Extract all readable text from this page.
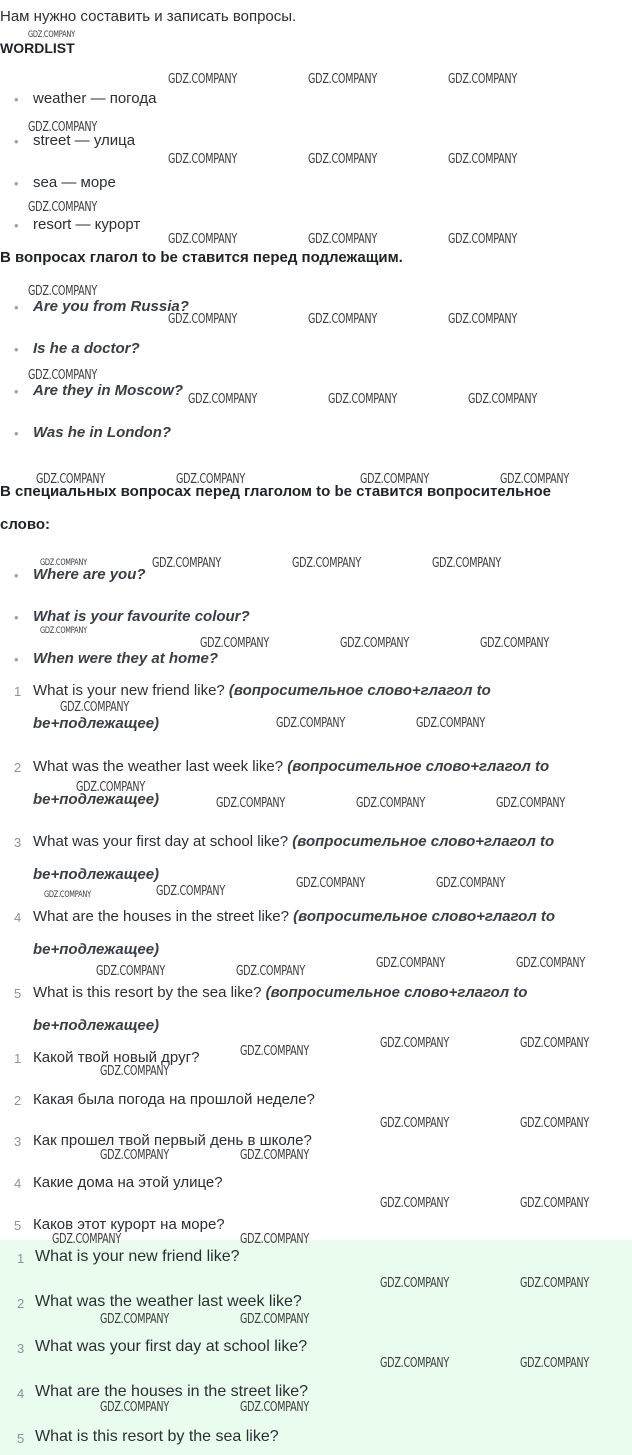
Нам нужно составить и записать вопросы.
WORDLIST
• weather — погода
• street — улица
• sea — море
• resort — курорт
В вопросах глагол to be ставится перед подлежащим.
• Are you from Russia?
• Is he a doctor?
• Are they in Moscow?
• Was he in London?
В специальных вопросах перед глаголом to be ставится вопросительное
слово:
• Where are you?
• What is your favourite colour?
• When were they at home?
1 What is your new friend like? (вопросительное слово+глагол to
be+подлежащее)
2 What was the weather last week like? (вопросительное слово+глагол to
be+подлежащее)
3 What was your first day at school like? (вопросительное слово+глагол to
be+подлежащее)
4 What are the houses in the street like? (вопросительное слово+глагол to
be+подлежащее)
5 What is this resort by the sea like? (вопросительное слово+глагол to
be+подлежащее)
1 Какой твой новый друг?
2 Какая была погода на прошлой неделе?
3 Как прошел твой первый день в школе?
4 Какие дома на этой улице?
5 Каков этот курорт на море?
1 What is your new friend like?
2 What was the weather last week like?
3 What was your first day at school like?
4 What are the houses in the street like?
5 What is this resort by the sea like?
GDZ.COMPANY
GDZ.COMPANY	GDZ.COMPANY	GDZ.COMPANY
GDZ.COMPANY
GDZ.COMPANY	GDZ.COMPANY	GDZ.COMPANY
GDZ.COMPANY
GDZ.COMPANY	GDZ.COMPANY	GDZ.COMPANY
GDZ.COMPANY
GDZ.COMPANY	GDZ.COMPANY	GDZ.COMPANY
GDZ.COMPANY
GDZ.COMPANY	GDZ.COMPANY	GDZ.COMPANY
GDZ.COMPANY	GDZ.COMPANY	GDZ.COMPANY	GDZ.COMPANY
GDZ.COMPANY	GDZ.COMPANY	GDZ.COMPANY	GDZ.COMPANY
GDZ.COMPANY
GDZ.COMPANY	GDZ.COMPANY	GDZ.COMPANY
GDZ.COMPANY
GDZ.COMPANY	GDZ.COMPANY
GDZ.COMPANY
GDZ.COMPANY	GDZ.COMPANY	GDZ.COMPANY
GDZ.COMPANY	GDZ.COMPANY
GDZ.COMPANY	GDZ.COMPANY
GDZ.COMPANY	GDZ.COMPANY
GDZ.COMPANY	GDZ.COMPANY
GDZ.COMPANY
GDZ.COMPANY	GDZ.COMPANY
GDZ.COMPANY
GDZ.COMPANY	GDZ.COMPANY
GDZ.COMPANY	GDZ.COMPANY
GDZ.COMPANY	GDZ.COMPANY
GDZ.COMPANY	GDZ.COMPANY
GDZ.COMPANY	GDZ.COMPANY
GDZ.COMPANY	GDZ.COMPANY
GDZ.COMPANY	GDZ.COMPANY
GDZ.COMPANY	GDZ.COMPANY
